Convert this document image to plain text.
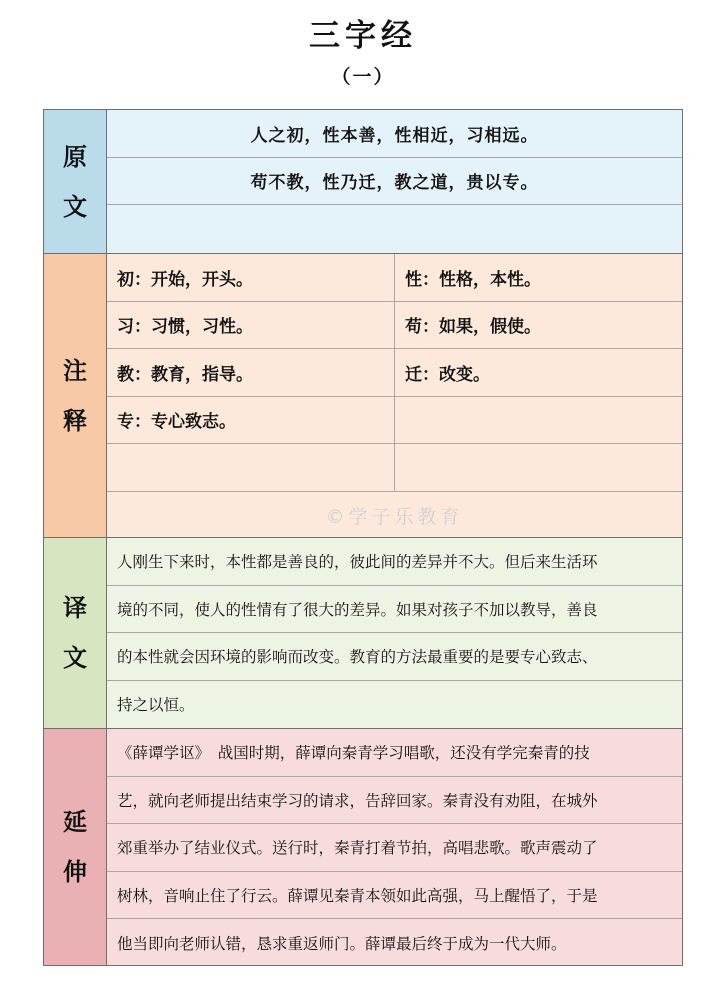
三字经
（一）
原
文
人之初，性本善，性相近，习相远。
苟不教，性乃迁，教之道，贵以专。
注
释
初：开始，开头。	性：性格，本性。
习：习惯，习性。	苟：如果，假使。
教：教育，指导。	迁：改变。
专：专心致志。
©学子乐教育
译
文
人刚生下来时，本性都是善良的，彼此间的差异并不大。但后来生活环
境的不同，使人的性情有了很大的差异。如果对孩子不加以教导，善良
的本性就会因环境的影响而改变。教育的方法最重要的是要专心致志、
持之以恒。
延
伸
《薛谭学讴》　战国时期，薛谭向秦青学习唱歌，还没有学完秦青的技
艺，就向老师提出结束学习的请求，告辞回家。秦青没有劝阻，在城外
郊重举办了结业仪式。送行时，秦青打着节拍，高唱悲歌。歌声震动了
树林，音响止住了行云。薛谭见秦青本领如此高强，马上醒悟了，于是
他当即向老师认错，恳求重返师门。薛谭最后终于成为一代大师。
